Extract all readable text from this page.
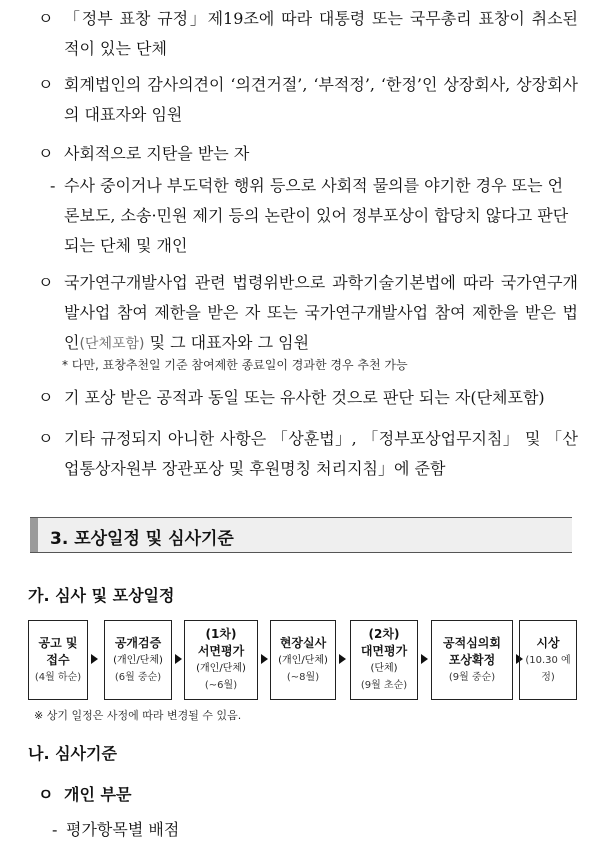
ㅇ 「정부 표창 규정」제19조에 따라 대통령 또는 국무총리 표창이 취소된 적이 있는 단체
ㅇ 회계법인의 감사의견이 ‘의견거절’, ‘부적정’, ‘한정’인 상장회사, 상장회사의 대표자와 임원
ㅇ 사회적으로 지탄을 받는 자
- 수사 중이거나 부도덕한 행위 등으로 사회적 물의를 야기한 경우 또는 언론보도, 소송·민원 제기 등의 논란이 있어 정부포상이 합당치 않다고 판단되는 단체 및 개인
ㅇ 국가연구개발사업 관련 법령위반으로 과학기술기본법에 따라 국가연구개발사업 참여 제한을 받은 자 또는 국가연구개발사업 참여 제한을 받은 법인(단체포함) 및 그 대표자와 그 임원
* 다만, 표창추천일 기준 참여제한 종료일이 경과한 경우 추천 가능
ㅇ 기 포상 받은 공적과 동일 또는 유사한 것으로 판단 되는 자(단체포함)
ㅇ 기타 규정되지 아니한 사항은 「상훈법」, 「정부포상업무지침」 및 「산업통상자원부 장관포상 및 후원명칭 처리지침」에 준함
3. 포상일정 및 심사기준
가. 심사 및 포상일정
공고 및
접수
(4월 하순)
공개검증
(개인/단체)
(6월 중순)
(1차)
서면평가
(개인/단체)
(~6월)
현장실사
(개인/단체)
(~8월)
(2차)
대면평가
(단체)
(9월 초순)
공적심의회
포상확정
(9월 중순)
시상
(10.30 예정)
※ 상기 일정은 사정에 따라 변경될 수 있음.
나. 심사기준
ㅇ 개인 부문
- 평가항목별 배점
